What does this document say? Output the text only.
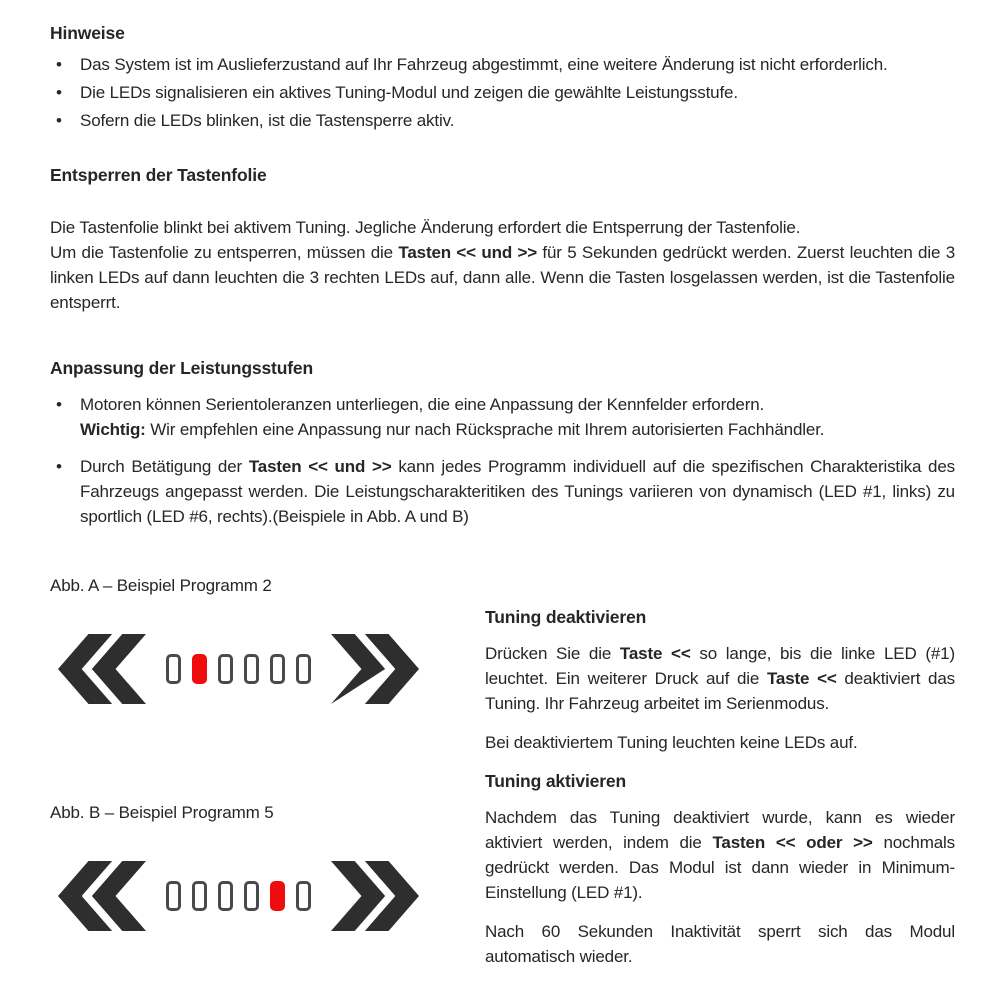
Hinweise
•	Das System ist im Auslieferzustand auf Ihr Fahrzeug abgestimmt, eine weitere Änderung ist nicht erforderlich.
•	Die LEDs signalisieren ein aktives Tuning-Modul und zeigen die gewählte Leistungsstufe.
•	Sofern die LEDs blinken, ist die Tastensperre aktiv.
Entsperren der Tastenfolie

Die Tastenfolie blinkt bei aktivem Tuning. Jegliche Änderung erfordert die Entsperrung der Tastenfolie.

Um die Tastenfolie zu entsperren, müssen die Tasten << und >> für 5 Sekunden gedrückt werden. Zuerst leuchten die 3 linken LEDs auf dann leuchten die 3 rechten LEDs auf, dann alle. Wenn die Tasten losgelassen werden, ist die Tastenfolie entsperrt.

Anpassung der Leistungsstufen
•	Motoren können Serientoleranzen unterliegen, die eine Anpassung der Kennfelder erfordern.

Wichtig: Wir empfehlen eine Anpassung nur nach Rücksprache mit Ihrem autorisierten Fachhändler.

•	Durch Betätigung der Tasten << und >> kann jedes Programm individuell auf die spezifischen Charakteristika des Fahrzeugs angepasst werden. Die Leistungscharakteritiken des Tunings variieren von dynamisch (LED #1, links) zu sportlich (LED #6, rechts).(Beispiele in Abb. A und B)

Abb. A – Beispiel Programm 2

Abb. B – Beispiel Programm 5

Tuning deaktivieren

Drücken Sie die Taste << so lange, bis die linke LED (#1) leuchtet. Ein weiterer Druck auf die Taste << deaktiviert das Tuning. Ihr Fahrzeug arbeitet im Serienmodus.

Bei deaktiviertem Tuning leuchten keine LEDs auf.

Tuning aktivieren

Nachdem das Tuning deaktiviert wurde, kann es wieder aktiviert werden, indem die Tasten << oder >> nochmals gedrückt werden. Das Modul ist dann wieder in Minimum-Einstellung (LED #1).

Nach 60 Sekunden Inaktivität sperrt sich das Modul automatisch wieder.
